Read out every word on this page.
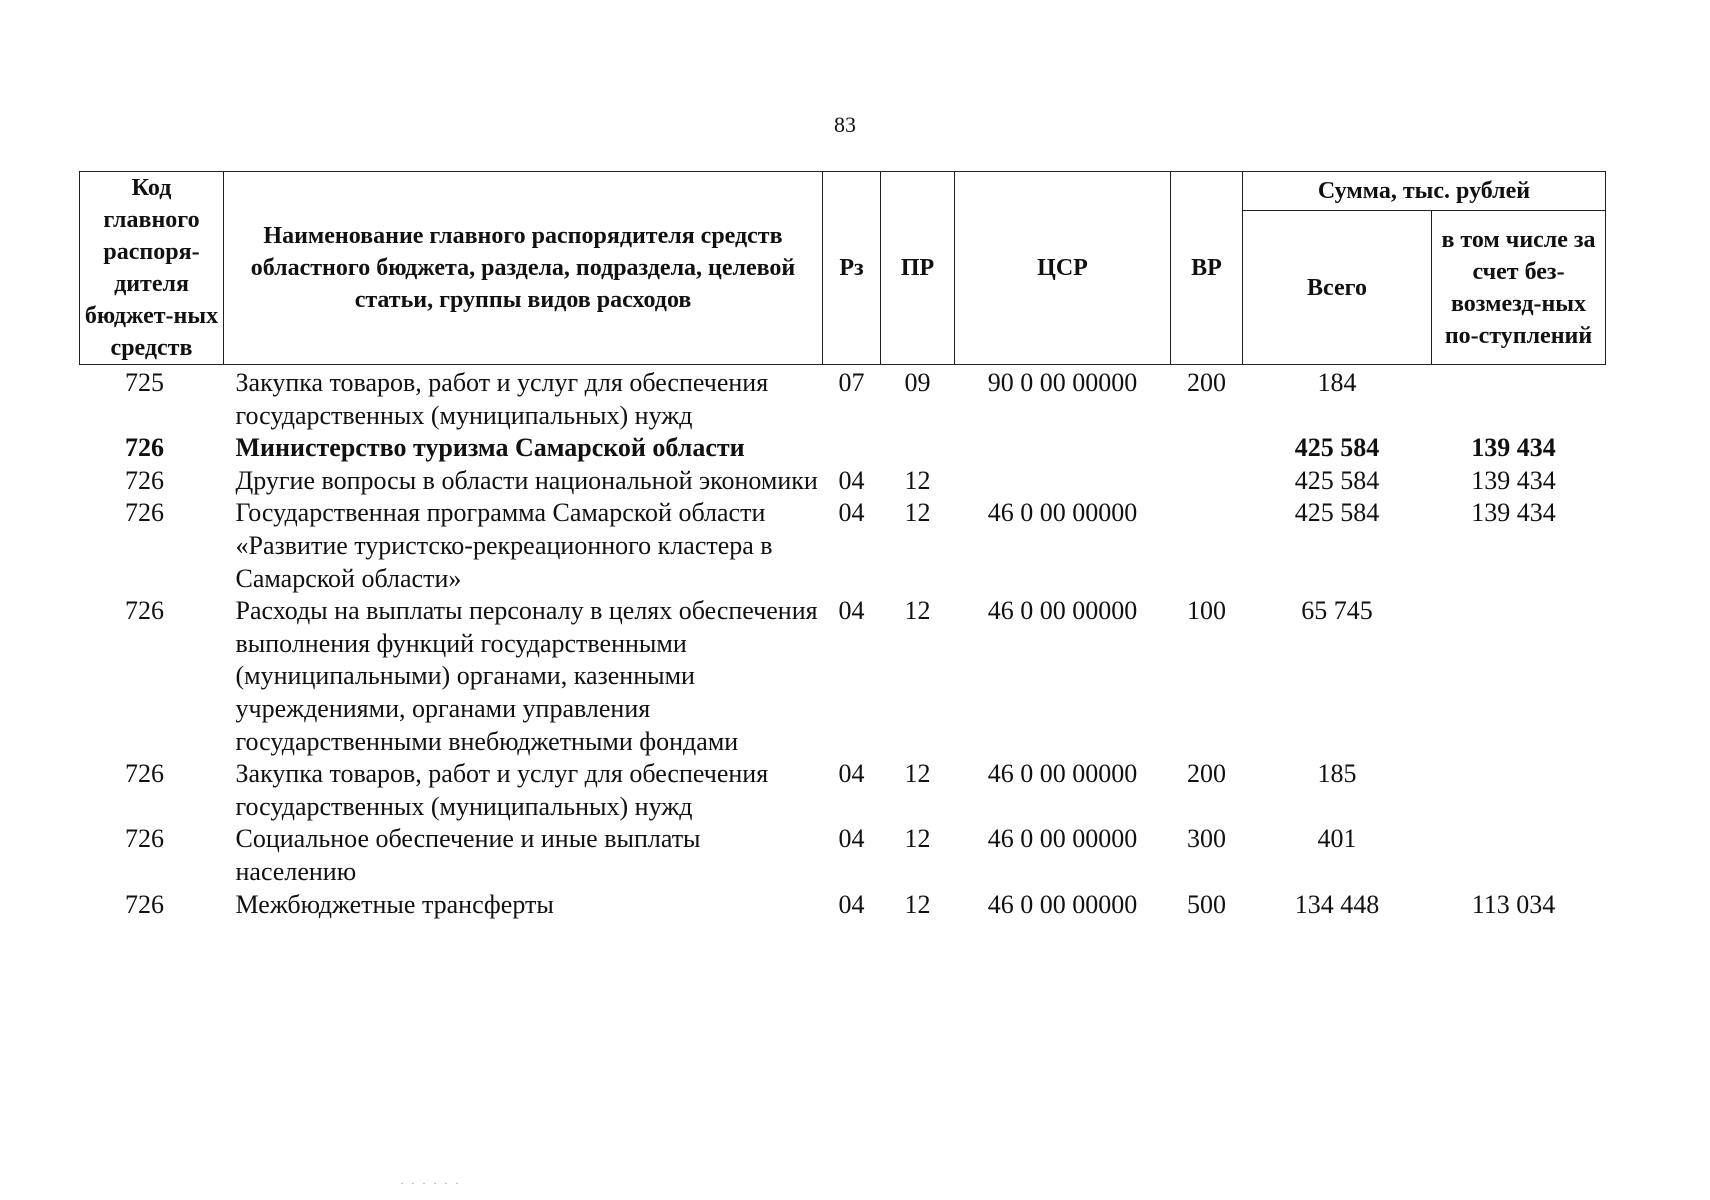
83
Код главного распоря-дителя бюджет-ных средств	Наименование главного распорядителя средств областного бюджета, раздела, подраздела, целевой статьи, группы видов расходов	Рз	ПР	ЦСР	ВР	Сумма, тыс. рублей	
						Всего	в том числе за счет без-возмезд-ных по-ступлений
725	Закупка товаров, работ и услуг для обеспечения государственных (муниципальных) нужд	07	09	90 0 00 00000	200	184	
726	Министерство туризма Самарской области					425 584	139 434
726	Другие вопросы в области национальной экономики	04	12			425 584	139 434
726	Государственная программа Самарской области «Развитие туристско-рекреационного кластера в Самарской области»	04	12	46 0 00 00000		425 584	139 434
726	Расходы на выплаты персоналу в целях обеспечения выполнения функций государственными (муниципальными) органами, казенными учреждениями, органами управления государственными внебюджетными фондами	04	12	46 0 00 00000	100	65 745	
726	Закупка товаров, работ и услуг для обеспечения государственных (муниципальных) нужд	04	12	46 0 00 00000	200	185	
726	Социальное обеспечение и иные выплаты населению	04	12	46 0 00 00000	300	401	
726	Межбюджетные трансферты	04	12	46 0 00 00000	500	134 448	113 034
· · · · · ·
